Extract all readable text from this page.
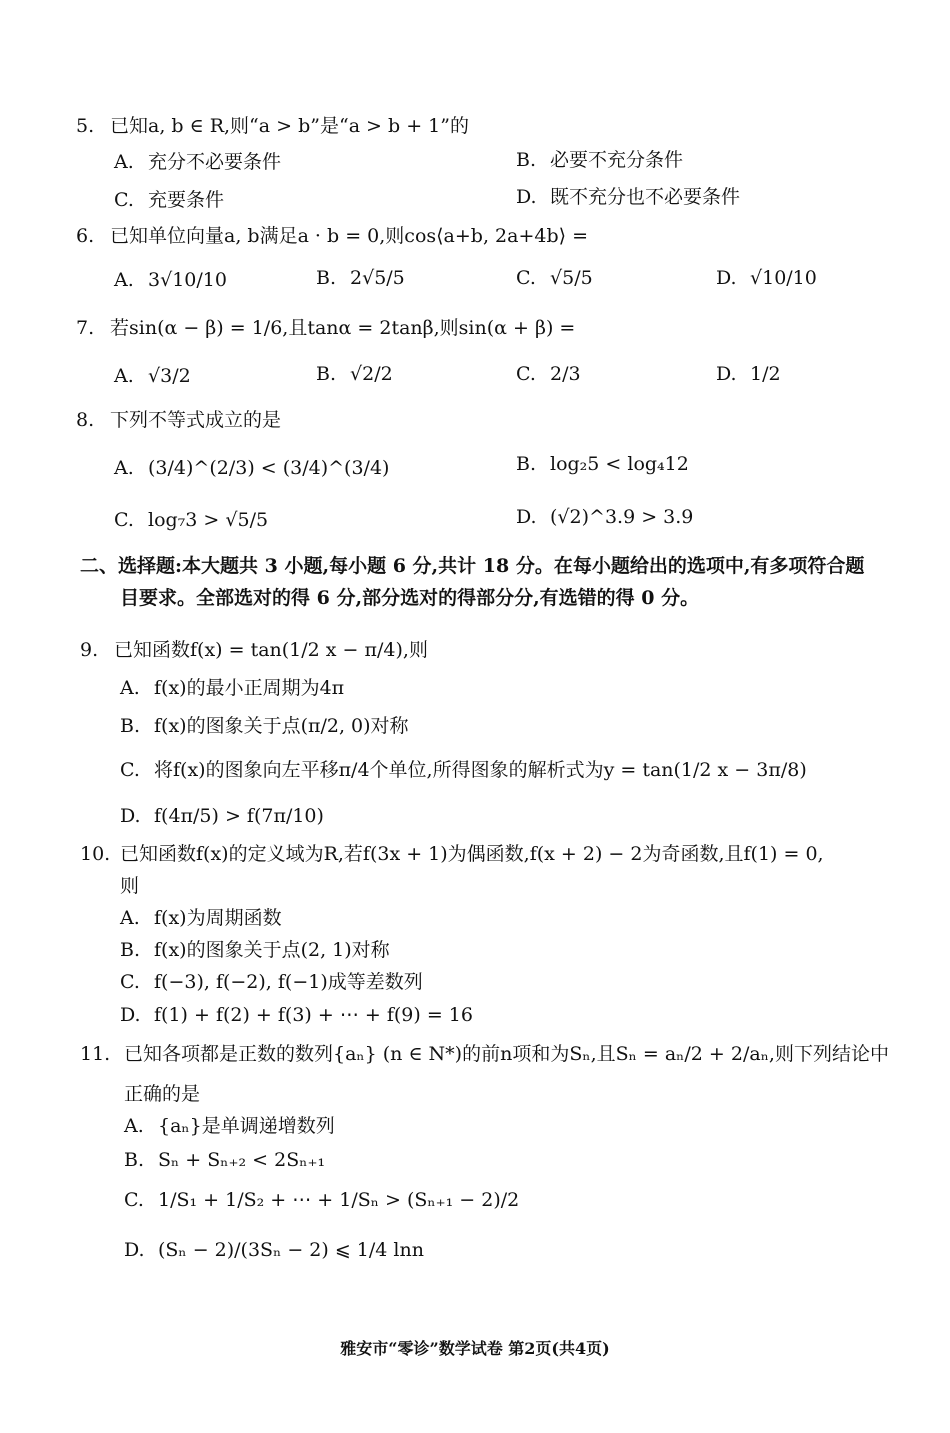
5. 已知a, b ∈ R,则“a > b”是“a > b + 1”的
A. 充分不必要条件	B. 必要不充分条件
C. 充要条件	D. 既不充分也不必要条件
6. 已知单位向量a, b满足a · b = 0,则cos⟨a+b, 2a+4b⟩ =
A. 3√10/10	B. 2√5/5	C. √5/5	D. √10/10
7. 若sin(α − β) = 1/6,且tanα = 2tanβ,则sin(α + β) =
A. √3/2	B. √2/2	C. 2/3	D. 1/2
8. 下列不等式成立的是
A. (3/4)^(2/3) < (3/4)^(3/4)	B. log₂5 < log₄12
C. log₇3 > √5/5	D. (√2)^3.9 > 3.9
二、选择题:本大题共 3 小题,每小题 6 分,共计 18 分。在每小题给出的选项中,有多项符合题
目要求。全部选对的得 6 分,部分选对的得部分分,有选错的得 0 分。
9. 已知函数f(x) = tan(1/2 x − π/4),则
A. f(x)的最小正周期为4π
B. f(x)的图象关于点(π/2, 0)对称
C. 将f(x)的图象向左平移π/4个单位,所得图象的解析式为y = tan(1/2 x − 3π/8)
D. f(4π/5) > f(7π/10)
10. 已知函数f(x)的定义域为R,若f(3x + 1)为偶函数,f(x + 2) − 2为奇函数,且f(1) = 0,
则
A. f(x)为周期函数
B. f(x)的图象关于点(2, 1)对称
C. f(−3), f(−2), f(−1)成等差数列
D. f(1) + f(2) + f(3) + ⋯ + f(9) = 16
11. 已知各项都是正数的数列{aₙ} (n ∈ N*)的前n项和为Sₙ,且Sₙ = aₙ/2 + 2/aₙ,则下列结论中
正确的是
A. {aₙ}是单调递增数列
B. Sₙ + Sₙ₊₂ < 2Sₙ₊₁
C. 1/S₁ + 1/S₂ + ⋯ + 1/Sₙ > (Sₙ₊₁ − 2)/2
D. (Sₙ − 2)/(3Sₙ − 2) ⩽ 1/4 lnn
雅安市“零诊”数学试卷 第2页(共4页)
